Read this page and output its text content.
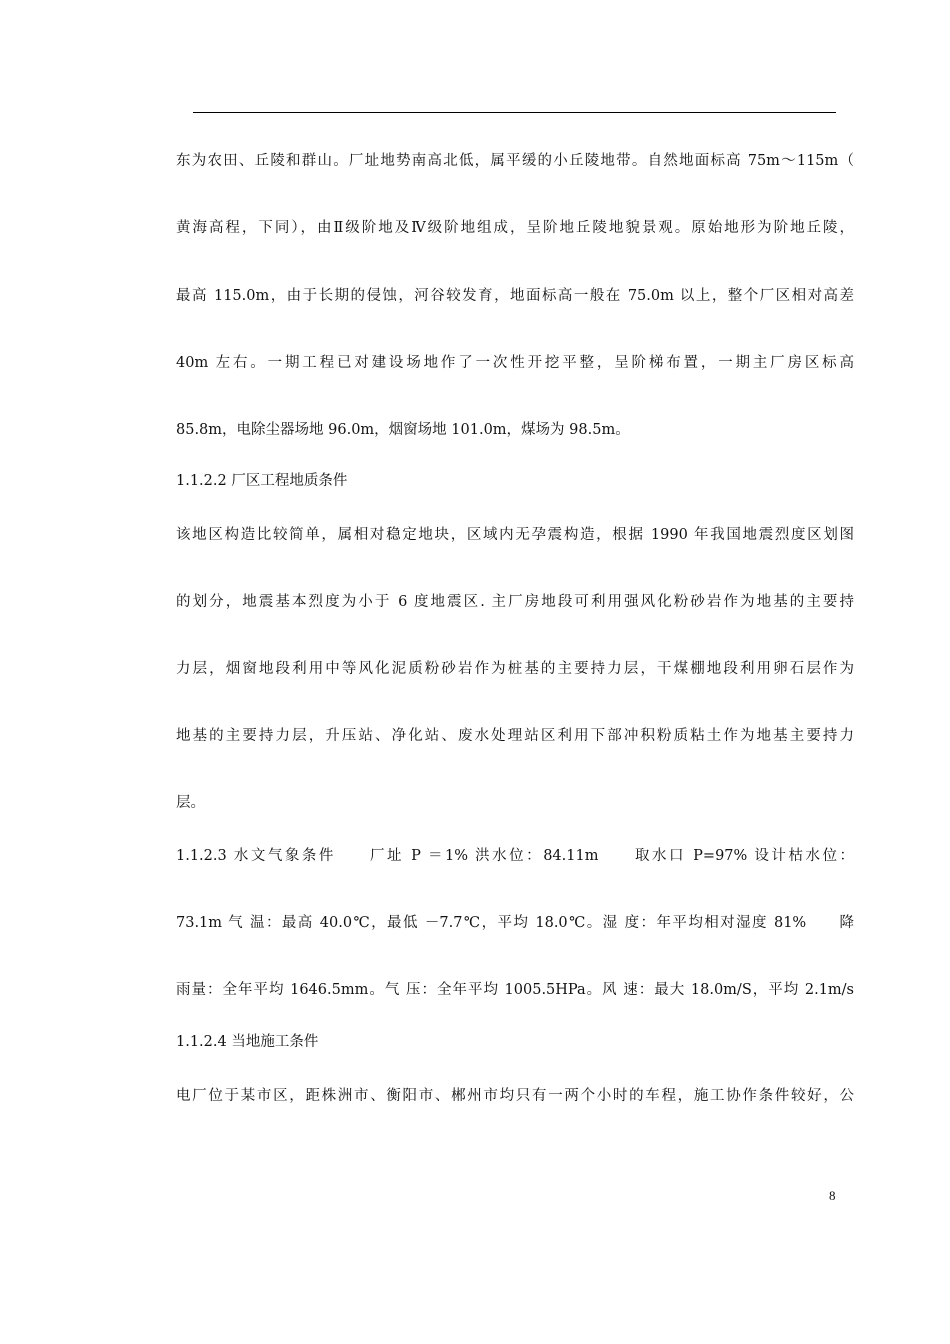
东为农田、丘陵和群山。厂址地势南高北低，属平缓的小丘陵地带。自然地面标高 75m～115m（
黄海高程，下同），由Ⅱ级阶地及Ⅳ级阶地组成，呈阶地丘陵地貌景观。原始地形为阶地丘陵，
最高 115.0m，由于长期的侵蚀，河谷较发育，地面标高一般在 75.0m 以上，整个厂区相对高差
40m 左右。一期工程已对建设场地作了一次性开挖平整，呈阶梯布置，一期主厂房区标高
85.8m，电除尘器场地 96.0m，烟窗场地 101.0m，煤场为 98.5m。
1.1.2.2 厂区工程地质条件
该地区构造比较简单，属相对稳定地块，区域内无孕震构造，根据 1990 年我国地震烈度区划图
的划分，地震基本烈度为小于 6 度地震区. 主厂房地段可利用强风化粉砂岩作为地基的主要持
力层，烟窗地段利用中等风化泥质粉砂岩作为桩基的主要持力层，干煤棚地段利用卵石层作为
地基的主要持力层，升压站、净化站、废水处理站区利用下部冲积粉质粘土作为地基主要持力
层。
1.1.2.3 水文气象条件　　厂址 P ＝1% 洪水位：84.11m　　取水口 P=97% 设计枯水位：
73.1m 气 温：最高 40.0℃，最低 －7.7℃，平均 18.0℃。湿 度：年平均相对湿度 81%　　降
雨量：全年平均 1646.5mm。气 压：全年平均 1005.5HPa。风 速：最大 18.0m/S，平均 2.1m/s
1.1.2.4 当地施工条件
电厂位于某市区，距株洲市、衡阳市、郴州市均只有一两个小时的车程，施工协作条件较好，公
8
